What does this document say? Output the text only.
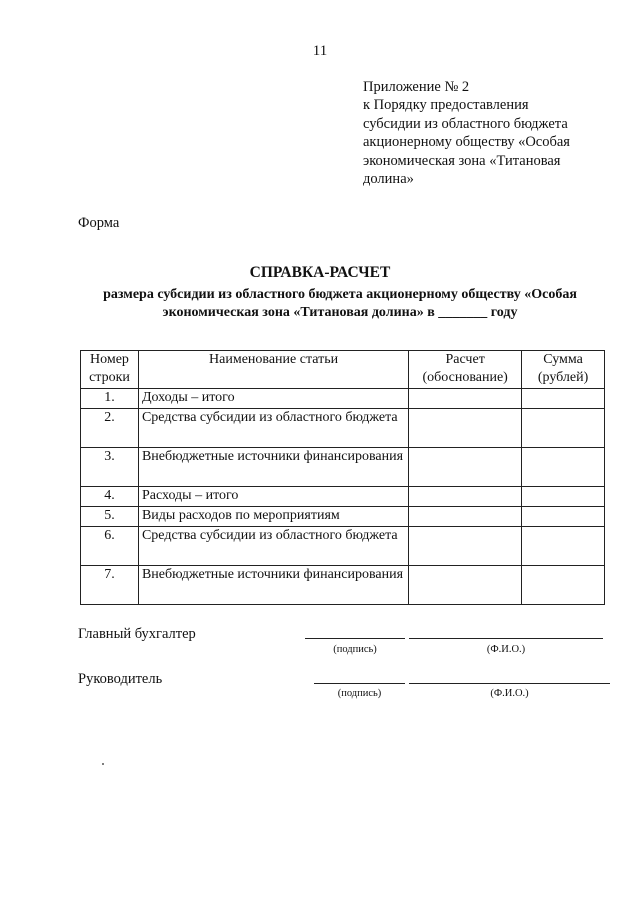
11
Приложение № 2
к Порядку предоставления
субсидии из областного бюджета
акционерному обществу «Особая
экономическая зона «Титановая
долина»
Форма
СПРАВКА-РАСЧЕТ
размера субсидии из областного бюджета акционерному обществу «Особая экономическая зона «Титановая долина» в _______ году
Номер строки	Наименование статьи	Расчет (обоснование)	Сумма (рублей)
1.	Доходы – итого		
2.	Средства субсидии из областного бюджета		
3.	Внебюджетные источники финансирования		
4.	Расходы – итого		
5.	Виды расходов по мероприятиям		
6.	Средства субсидии из областного бюджета		
7.	Внебюджетные источники финансирования		
Главный бухгалтер
(подпись)	(Ф.И.О.)
Руководитель
(подпись)	(Ф.И.О.)
